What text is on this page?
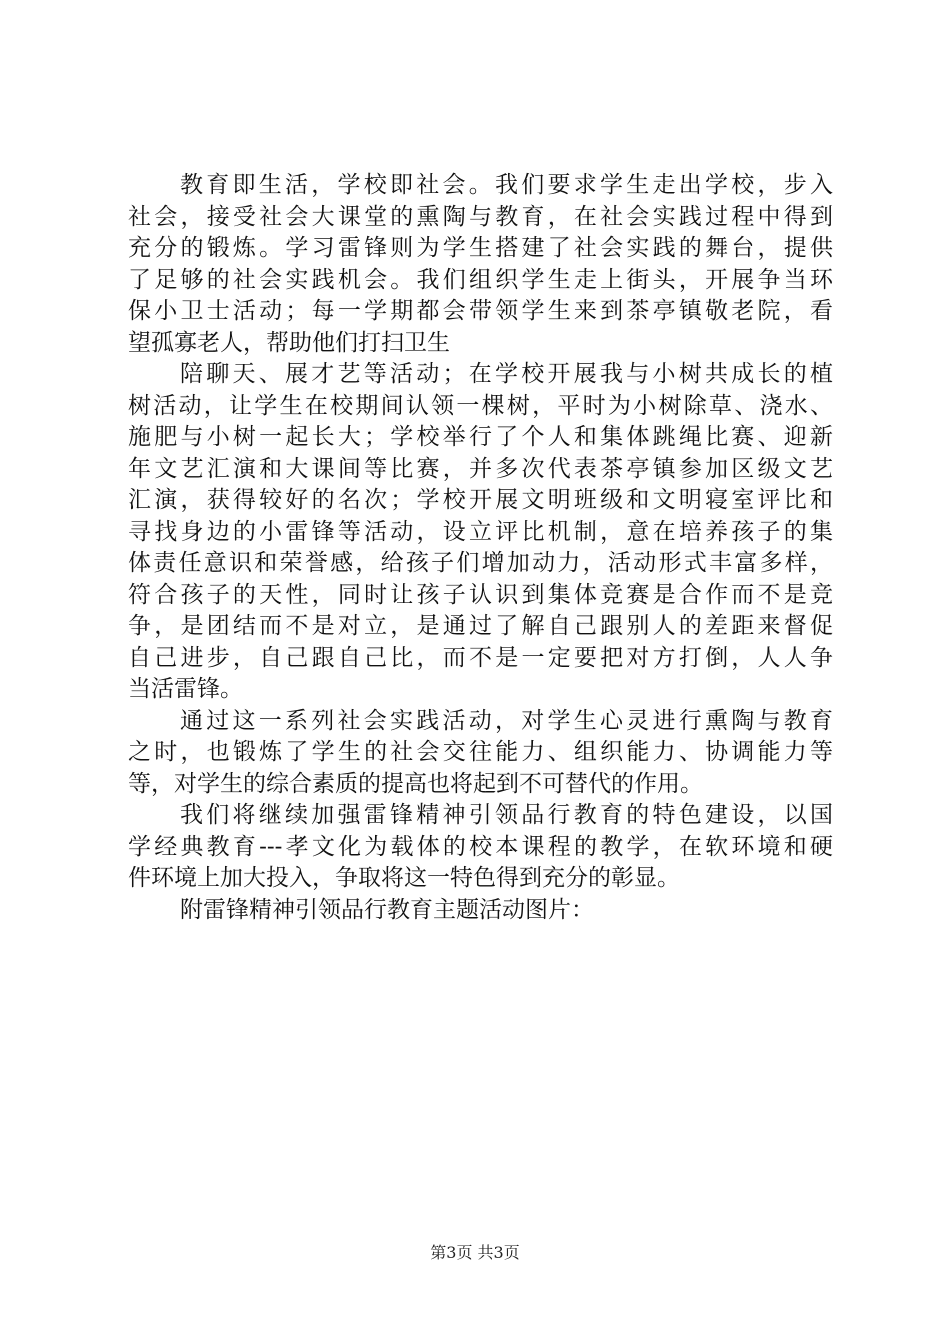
教育即生活，学校即社会。我们要求学生走出学校，步入
社会，接受社会大课堂的熏陶与教育，在社会实践过程中得到
充分的锻炼。学习雷锋则为学生搭建了社会实践的舞台，提供
了足够的社会实践机会。我们组织学生走上街头，开展争当环
保小卫士活动；每一学期都会带领学生来到茶亭镇敬老院，看
望孤寡老人，帮助他们打扫卫生
陪聊天、展才艺等活动；在学校开展我与小树共成长的植
树活动，让学生在校期间认领一棵树，平时为小树除草、浇水、
施肥与小树一起长大；学校举行了个人和集体跳绳比赛、迎新
年文艺汇演和大课间等比赛，并多次代表茶亭镇参加区级文艺
汇演，获得较好的名次；学校开展文明班级和文明寝室评比和
寻找身边的小雷锋等活动，设立评比机制，意在培养孩子的集
体责任意识和荣誉感，给孩子们增加动力，活动形式丰富多样，
符合孩子的天性，同时让孩子认识到集体竞赛是合作而不是竞
争，是团结而不是对立，是通过了解自己跟别人的差距来督促
自己进步，自己跟自己比，而不是一定要把对方打倒，人人争
当活雷锋。
通过这一系列社会实践活动，对学生心灵进行熏陶与教育
之时，也锻炼了学生的社会交往能力、组织能力、协调能力等
等，对学生的综合素质的提高也将起到不可替代的作用。
我们将继续加强雷锋精神引领品行教育的特色建设，以国
学经典教育---孝文化为载体的校本课程的教学，在软环境和硬
件环境上加大投入，争取将这一特色得到充分的彰显。
附雷锋精神引领品行教育主题活动图片：
第3页 共3页
